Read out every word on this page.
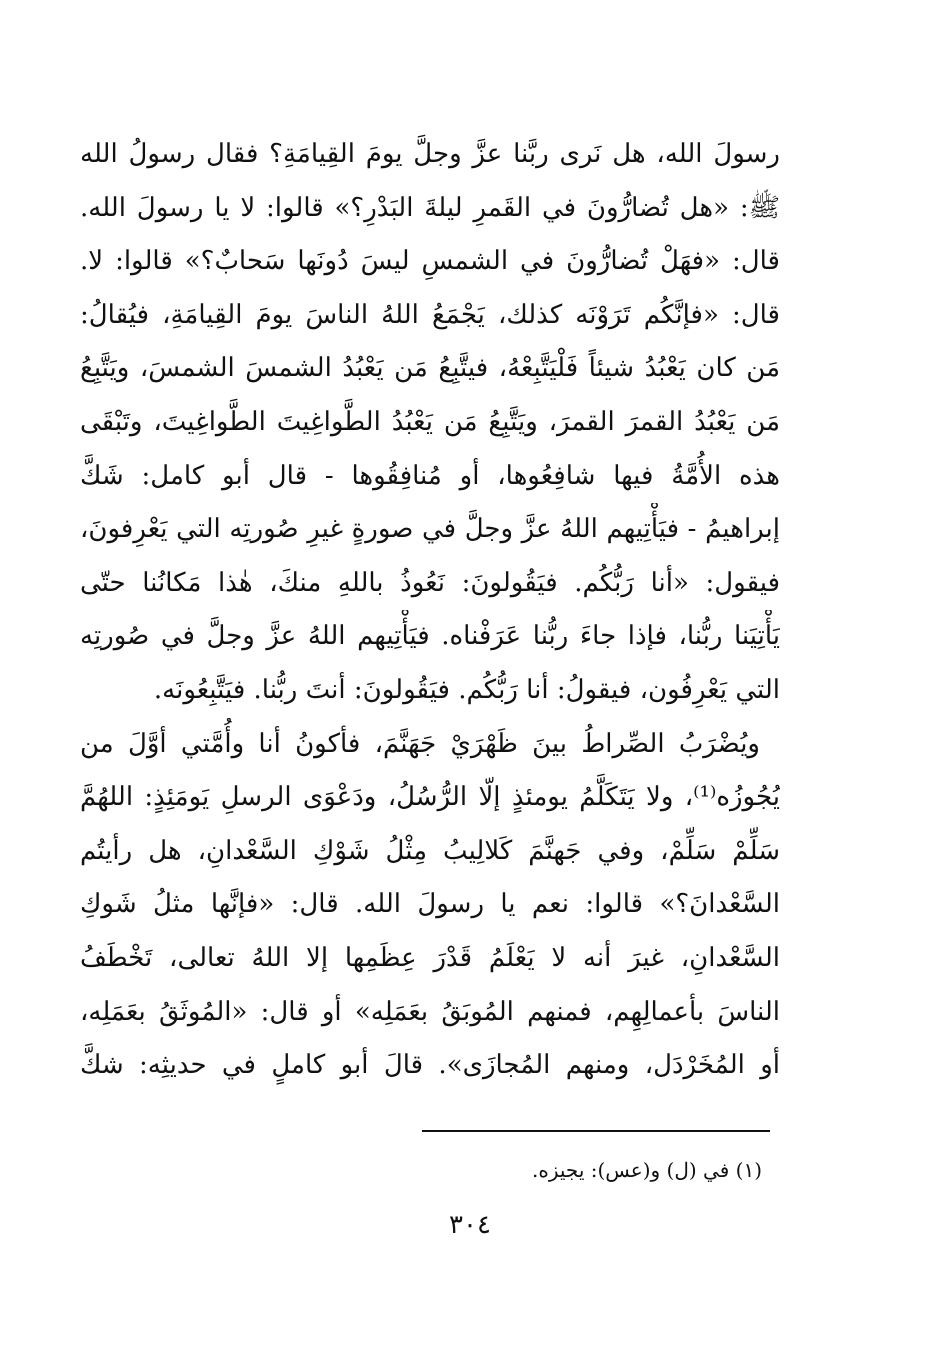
رسولَ الله، هل نَرى ربَّنا عزَّ وجلَّ يومَ القِيامَةِ؟ فقال رسولُ الله
ﷺ: «هل تُضارُّونَ في القَمرِ ليلةَ البَدْرِ؟» قالوا: لا يا رسولَ الله.
قال: «فهَلْ تُضارُّونَ في الشمسِ ليسَ دُونَها سَحابٌ؟» قالوا: لا.
قال: «فإنَّكُم تَرَوْنَه كذلك، يَجْمَعُ اللهُ الناسَ يومَ القِيامَةِ، فيُقالُ:
مَن كان يَعْبُدُ شيئاً فَلْيَتَّبِعْهُ، فيتَّبِعُ مَن يَعْبُدُ الشمسَ الشمسَ، ويَتَّبِعُ
مَن يَعْبُدُ القمرَ القمرَ، ويَتَّبِعُ مَن يَعْبُدُ الطَّواغِيتَ الطَّواغِيتَ، وتَبْقَى
هذه الأُمَّةُ فيها شافِعُوها، أو مُنافِقُوها - قال أبو كامل: شَكَّ
إبراهيمُ - فيَأْتِيهم اللهُ عزَّ وجلَّ في صورةٍ غيرِ صُورتِه التي يَعْرِفونَ،
فيقول: «أنا رَبُّكُم. فيَقُولونَ: نَعُوذُ باللهِ منكَ، هٰذا مَكانُنا حتّى
يَأْتِيَنا ربُّنا، فإذا جاءَ ربُّنا عَرَفْناه. فيَأْتِيهم اللهُ عزَّ وجلَّ في صُورتِه
التي يَعْرِفُون، فيقولُ: أنا رَبُّكُم. فيَقُولونَ: أنتَ ربُّنا. فيَتَّبِعُونَه.
ويُضْرَبُ الصِّراطُ بينَ ظَهْرَيْ جَهَنَّمَ، فأكونُ أنا وأُمَّتي أوَّلَ من
يُجُوزُه⁽¹⁾، ولا يَتَكَلَّمُ يومئذٍ إلّا الرُّسُلُ، ودَعْوَى الرسلِ يَومَئِذٍ: اللهُمَّ
سَلِّمْ سَلِّمْ، وفي جَهنَّمَ كَلالِيبُ مِثْلُ شَوْكِ السَّعْدانِ، هل رأيتُم
السَّعْدانَ؟» قالوا: نعم يا رسولَ الله. قال: «فإنَّها مثلُ شَوكِ
السَّعْدانِ، غيرَ أنه لا يَعْلَمُ قَدْرَ عِظَمِها إلا اللهُ تعالى، تَخْطَفُ
الناسَ بأعمالِهِم، فمنهم المُوبَقُ بعَمَلِه» أو قال: «المُوثَقُ بعَمَلِه،
أو المُخَرْدَل، ومنهم المُجازَى». قالَ أبو كاملٍ في حديثِه: شكَّ
(١) في (ل) و(عس): يجيزه.
٣٠٤
